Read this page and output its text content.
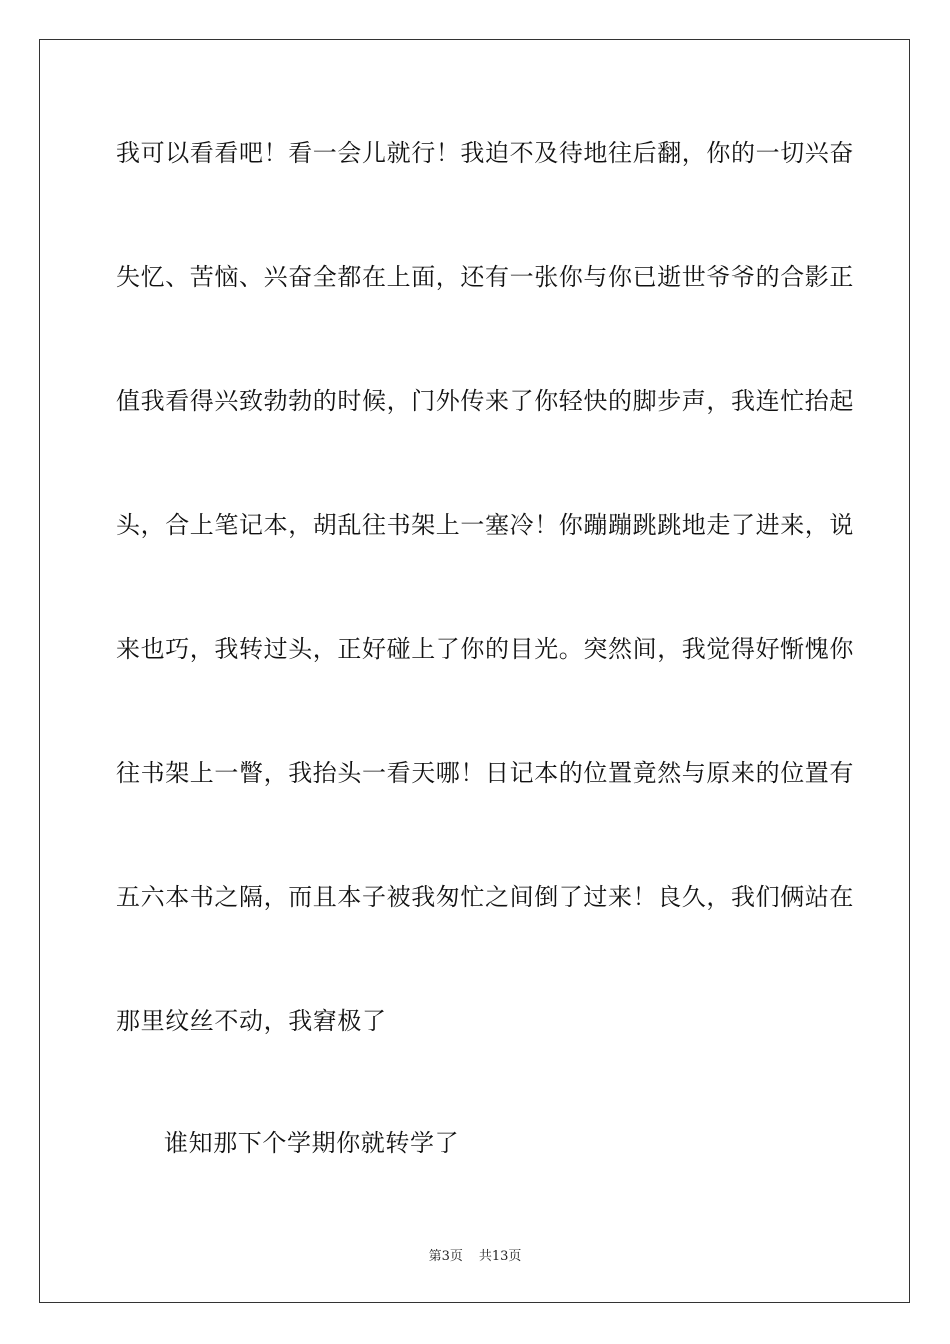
我可以看看吧！看一会儿就行！我迫不及待地往后翻，你的一切兴奋
失忆、苦恼、兴奋全都在上面，还有一张你与你已逝世爷爷的合影正
值我看得兴致勃勃的时候，门外传来了你轻快的脚步声，我连忙抬起
头，合上笔记本，胡乱往书架上一塞冷！你蹦蹦跳跳地走了进来，说
来也巧，我转过头，正好碰上了你的目光。突然间，我觉得好惭愧你
往书架上一瞥，我抬头一看天哪！日记本的位置竟然与原来的位置有
五六本书之隔，而且本子被我匆忙之间倒了过来！良久，我们俩站在
那里纹丝不动，我窘极了
谁知那下个学期你就转学了
第3页 共13页
